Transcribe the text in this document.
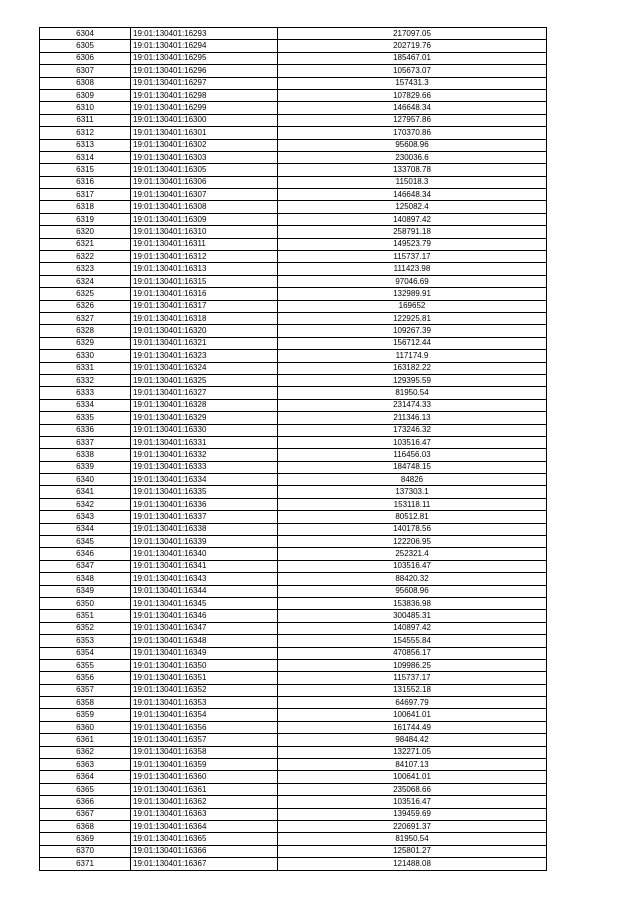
6304	19:01:130401:16293	217097.05
6305	19:01:130401:16294	202719.76
6306	19:01:130401:16295	185467.01
6307	19:01:130401:16296	105673.07
6308	19:01:130401:16297	157431.3
6309	19:01:130401:16298	107829.66
6310	19:01:130401:16299	146648.34
6311	19:01:130401:16300	127957.86
6312	19:01:130401:16301	170370.86
6313	19:01:130401:16302	95608.96
6314	19:01:130401:16303	230036.6
6315	19:01:130401:16305	133708.78
6316	19:01:130401:16306	115018.3
6317	19:01:130401:16307	146648.34
6318	19:01:130401:16308	125082.4
6319	19:01:130401:16309	140897.42
6320	19:01:130401:16310	258791.18
6321	19:01:130401:16311	149523.79
6322	19:01:130401:16312	115737.17
6323	19:01:130401:16313	111423.98
6324	19:01:130401:16315	97046.69
6325	19:01:130401:16316	132989.91
6326	19:01:130401:16317	169652
6327	19:01:130401:16318	122925.81
6328	19:01:130401:16320	109267.39
6329	19:01:130401:16321	156712.44
6330	19:01:130401:16323	117174.9
6331	19:01:130401:16324	163182.22
6332	19:01:130401:16325	129395.59
6333	19:01:130401:16327	81950.54
6334	19:01:130401:16328	231474.33
6335	19:01:130401:16329	211346.13
6336	19:01:130401:16330	173246.32
6337	19:01:130401:16331	103516.47
6338	19:01:130401:16332	116456.03
6339	19:01:130401:16333	184748.15
6340	19:01:130401:16334	84826
6341	19:01:130401:16335	137303.1
6342	19:01:130401:16336	153118.11
6343	19:01:130401:16337	80512.81
6344	19:01:130401:16338	140178.56
6345	19:01:130401:16339	122206.95
6346	19:01:130401:16340	252321.4
6347	19:01:130401:16341	103516.47
6348	19:01:130401:16343	88420.32
6349	19:01:130401:16344	95608.96
6350	19:01:130401:16345	153836.98
6351	19:01:130401:16346	300485.31
6352	19:01:130401:16347	140897.42
6353	19:01:130401:16348	154555.84
6354	19:01:130401:16349	470856.17
6355	19:01:130401:16350	109986.25
6356	19:01:130401:16351	115737.17
6357	19:01:130401:16352	131552.18
6358	19:01:130401:16353	64697.79
6359	19:01:130401:16354	100641.01
6360	19:01:130401:16356	161744.49
6361	19:01:130401:16357	98484.42
6362	19:01:130401:16358	132271.05
6363	19:01:130401:16359	84107.13
6364	19:01:130401:16360	100641.01
6365	19:01:130401:16361	235068.66
6366	19:01:130401:16362	103516.47
6367	19:01:130401:16363	139459.69
6368	19:01:130401:16364	220691.37
6369	19:01:130401:16365	81950.54
6370	19:01:130401:16366	125801.27
6371	19:01:130401:16367	121488.08
